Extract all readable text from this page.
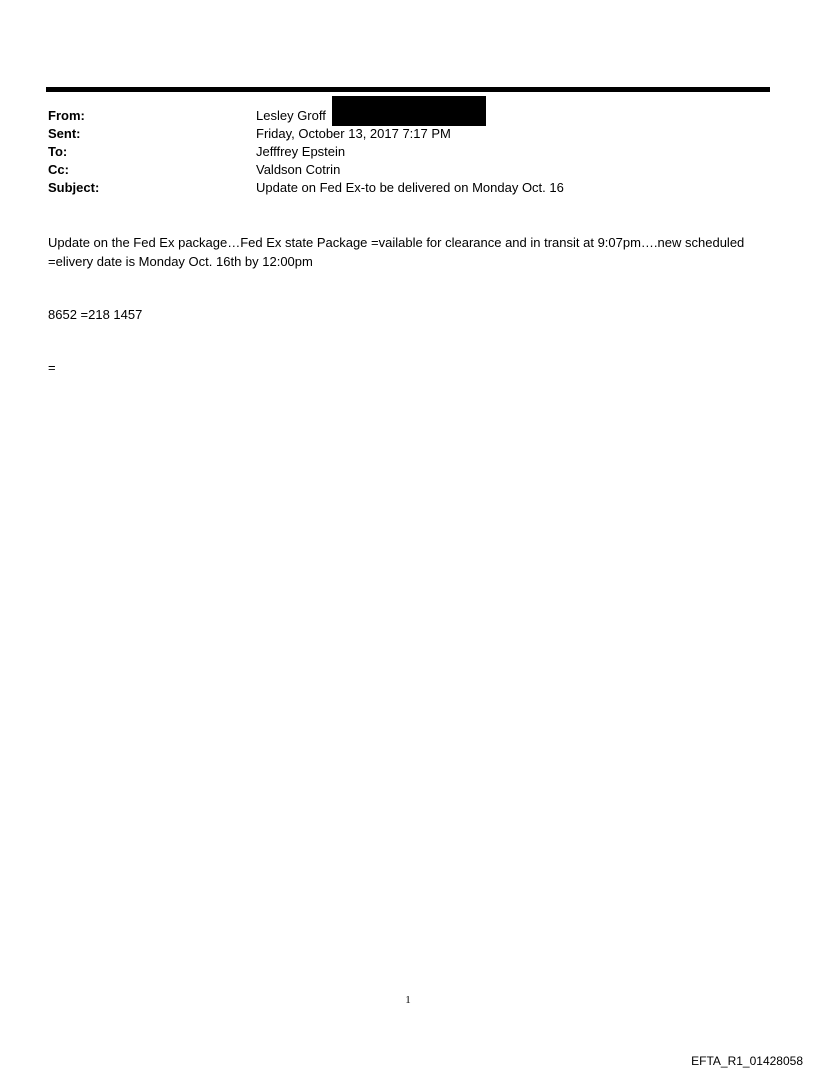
From:	Lesley Groff
Sent:	Friday, October 13, 2017 7:17 PM
To:	Jefffrey Epstein
Cc:	Valdson Cotrin
Subject:	Update on Fed Ex-to be delivered on Monday Oct. 16

Update on the Fed Ex package…Fed Ex state Package =vailable for clearance and in transit at 9:07pm….new scheduled

=elivery date is Monday Oct. 16th by 12:00pm

8652 =218 1457
=
1
EFTA_R1_01428058
